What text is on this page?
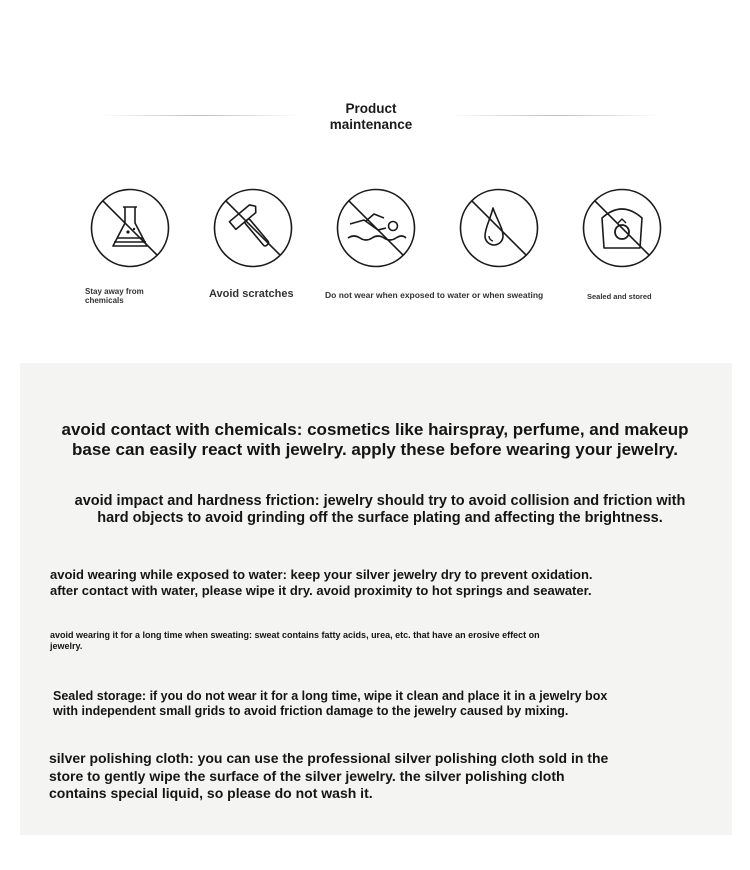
Product
maintenance
Stay away from
chemicals
Avoid scratches	Do not wear when exposed to water or when sweating	Sealed and stored
avoid contact with chemicals: cosmetics like hairspray, perfume, and makeup
base can easily react with jewelry. apply these before wearing your jewelry.
avoid impact and hardness friction: jewelry should try to avoid collision and friction with
hard objects to avoid grinding off the surface plating and affecting the brightness.
avoid wearing while exposed to water: keep your silver jewelry dry to prevent oxidation.
after contact with water, please wipe it dry. avoid proximity to hot springs and seawater.
avoid wearing it for a long time when sweating: sweat contains fatty acids, urea, etc. that have an erosive effect on
jewelry.
Sealed storage: if you do not wear it for a long time, wipe it clean and place it in a jewelry box
with independent small grids to avoid friction damage to the jewelry caused by mixing.
silver polishing cloth: you can use the professional silver polishing cloth sold in the
store to gently wipe the surface of the silver jewelry. the silver polishing cloth
contains special liquid, so please do not wash it.
